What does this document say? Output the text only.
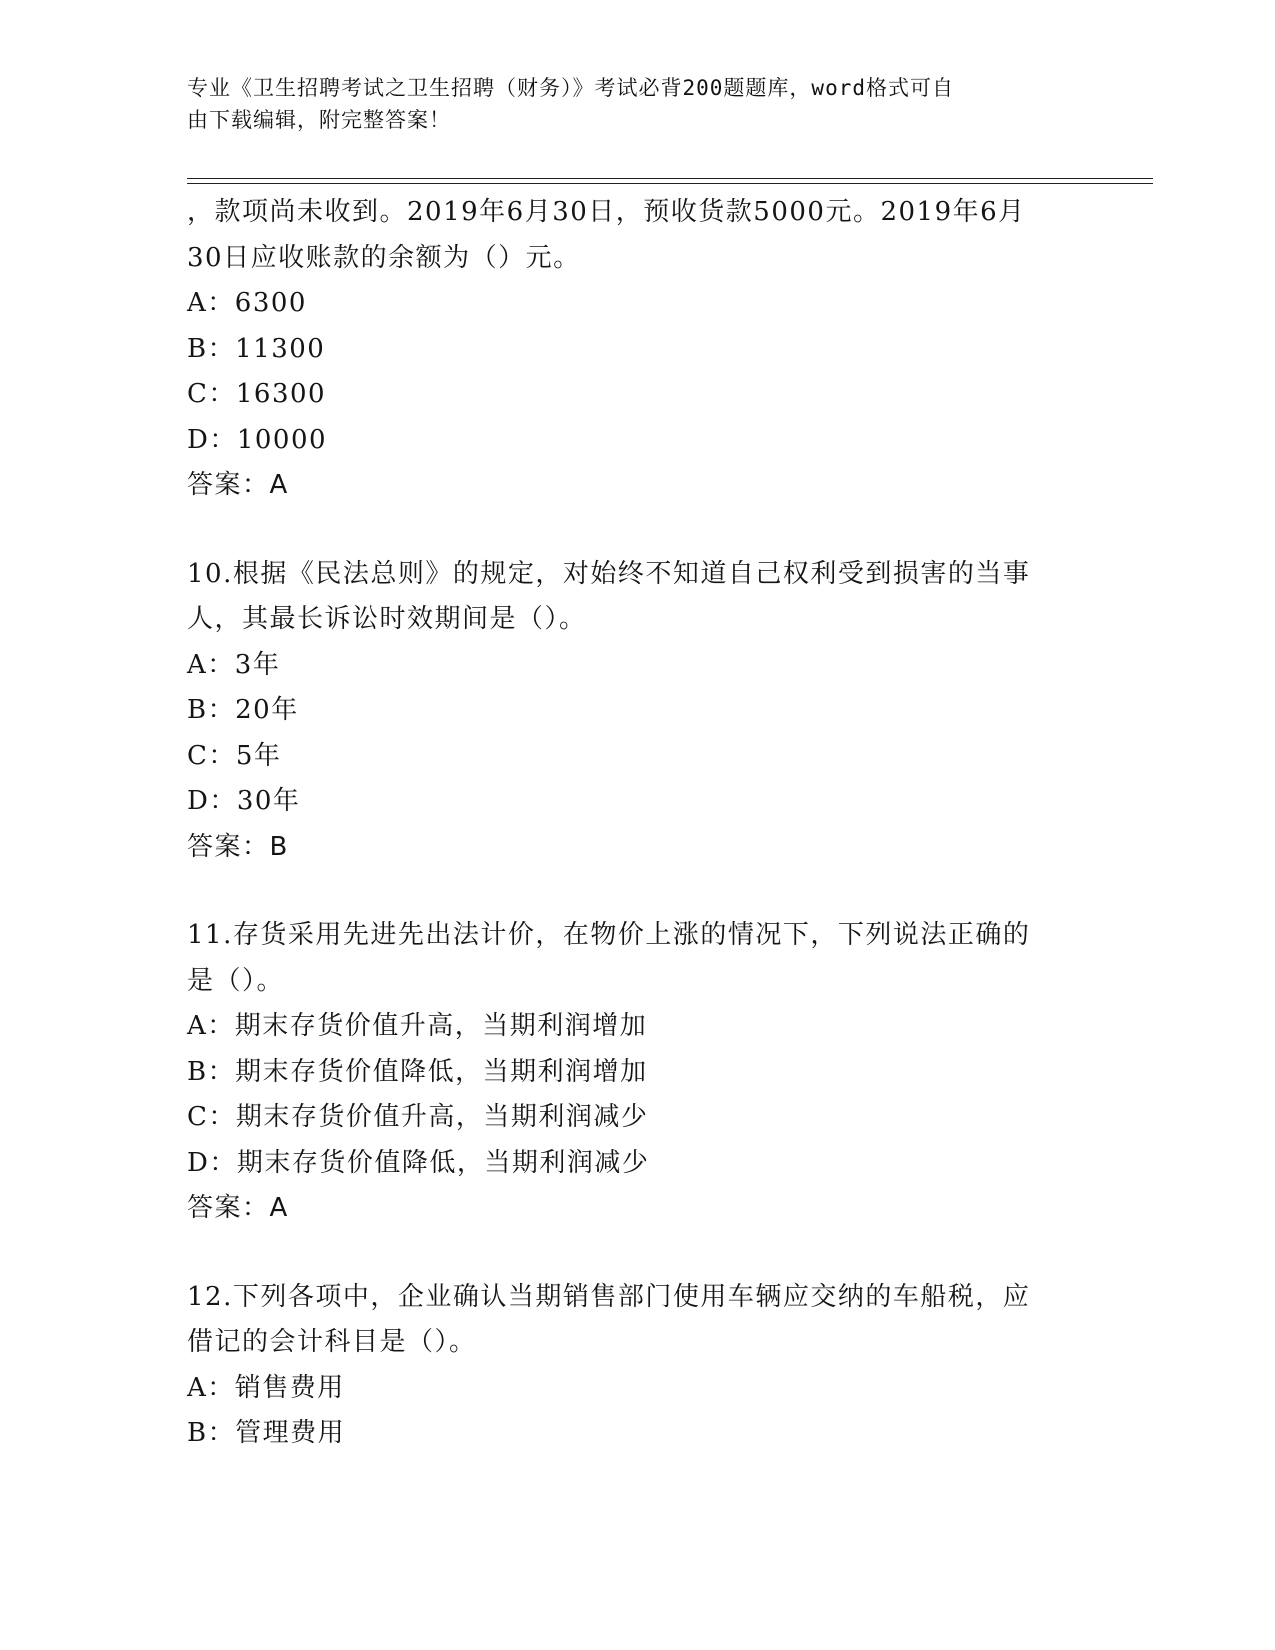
专业《卫生招聘考试之卫生招聘（财务）》考试必背200题题库，word格式可自
由下载编辑，附完整答案！
，款项尚未收到。2019年6月30日，预收货款5000元。2019年6月
30日应收账款的余额为（）元。
A：6300
B：11300
C：16300
D：10000
答案：A
10.根据《民法总则》的规定，对始终不知道自己权利受到损害的当事
人，其最长诉讼时效期间是（）。
A：3年
B：20年
C：5年
D：30年
答案：B
11.存货采用先进先出法计价，在物价上涨的情况下，下列说法正确的
是（）。
A：期末存货价值升高，当期利润增加
B：期末存货价值降低，当期利润增加
C：期末存货价值升高，当期利润减少
D：期末存货价值降低，当期利润减少
答案：A
12.下列各项中，企业确认当期销售部门使用车辆应交纳的车船税，应
借记的会计科目是（）。
A：销售费用
B：管理费用
